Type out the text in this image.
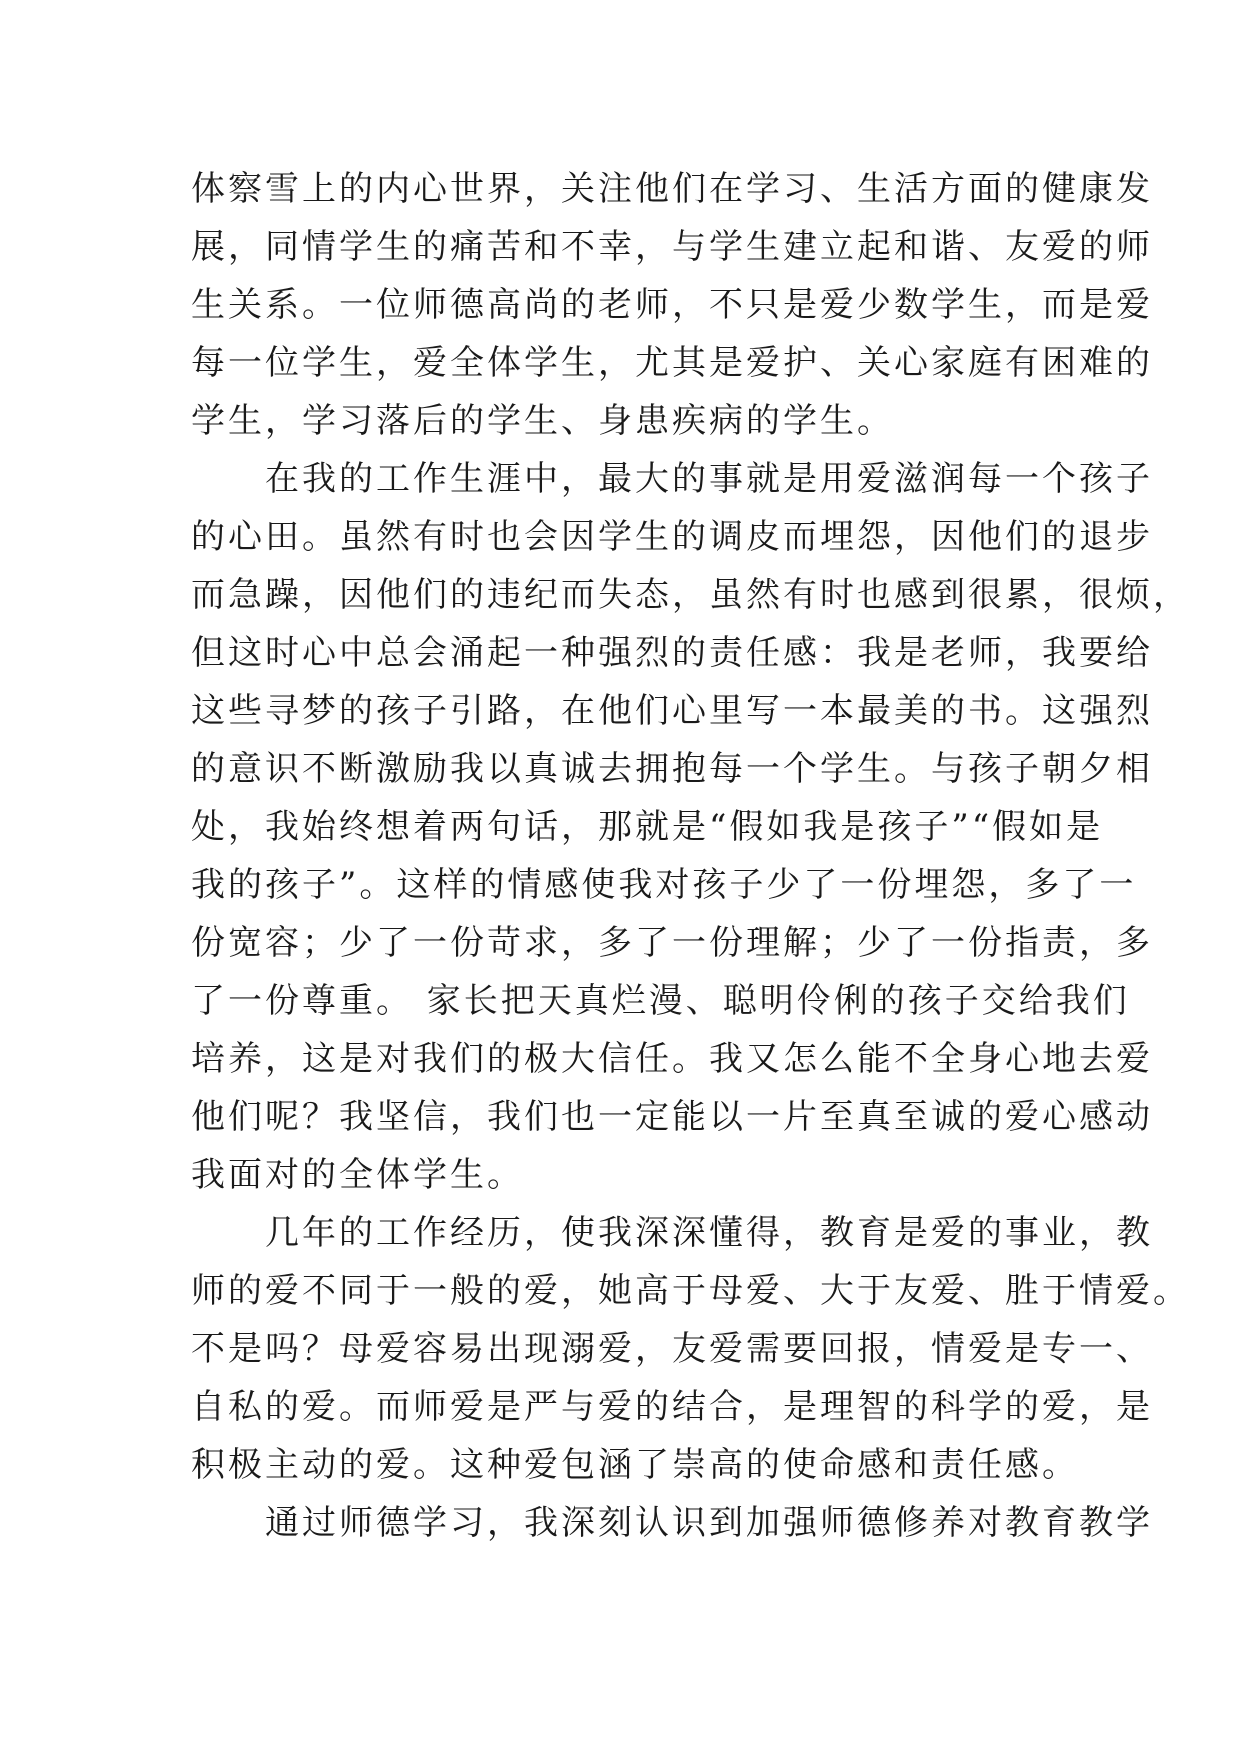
体察雪上的内心世界，关注他们在学习、生活方面的健康发
展，同情学生的痛苦和不幸，与学生建立起和谐、友爱的师
生关系。一位师德高尚的老师，不只是爱少数学生，而是爱
每一位学生，爱全体学生，尤其是爱护、关心家庭有困难的
学生，学习落后的学生、身患疾病的学生。
在我的工作生涯中，最大的事就是用爱滋润每一个孩子
的心田。虽然有时也会因学生的调皮而埋怨，因他们的退步
而急躁，因他们的违纪而失态，虽然有时也感到很累，很烦，
但这时心中总会涌起一种强烈的责任感：我是老师，我要给
这些寻梦的孩子引路，在他们心里写一本最美的书。这强烈
的意识不断激励我以真诚去拥抱每一个学生。与孩子朝夕相
处，我始终想着两句话，那就是“假如我是孩子”“假如是
我的孩子”。这样的情感使我对孩子少了一份埋怨，多了一
份宽容；少了一份苛求，多了一份理解；少了一份指责，多
了一份尊重。 家长把天真烂漫、聪明伶俐的孩子交给我们
培养，这是对我们的极大信任。我又怎么能不全身心地去爱
他们呢？我坚信，我们也一定能以一片至真至诚的爱心感动
我面对的全体学生。
几年的工作经历，使我深深懂得，教育是爱的事业，教
师的爱不同于一般的爱，她高于母爱、大于友爱、胜于情爱。
不是吗？母爱容易出现溺爱，友爱需要回报，情爱是专一、
自私的爱。而师爱是严与爱的结合，是理智的科学的爱，是
积极主动的爱。这种爱包涵了崇高的使命感和责任感。
通过师德学习，我深刻认识到加强师德修养对教育教学
